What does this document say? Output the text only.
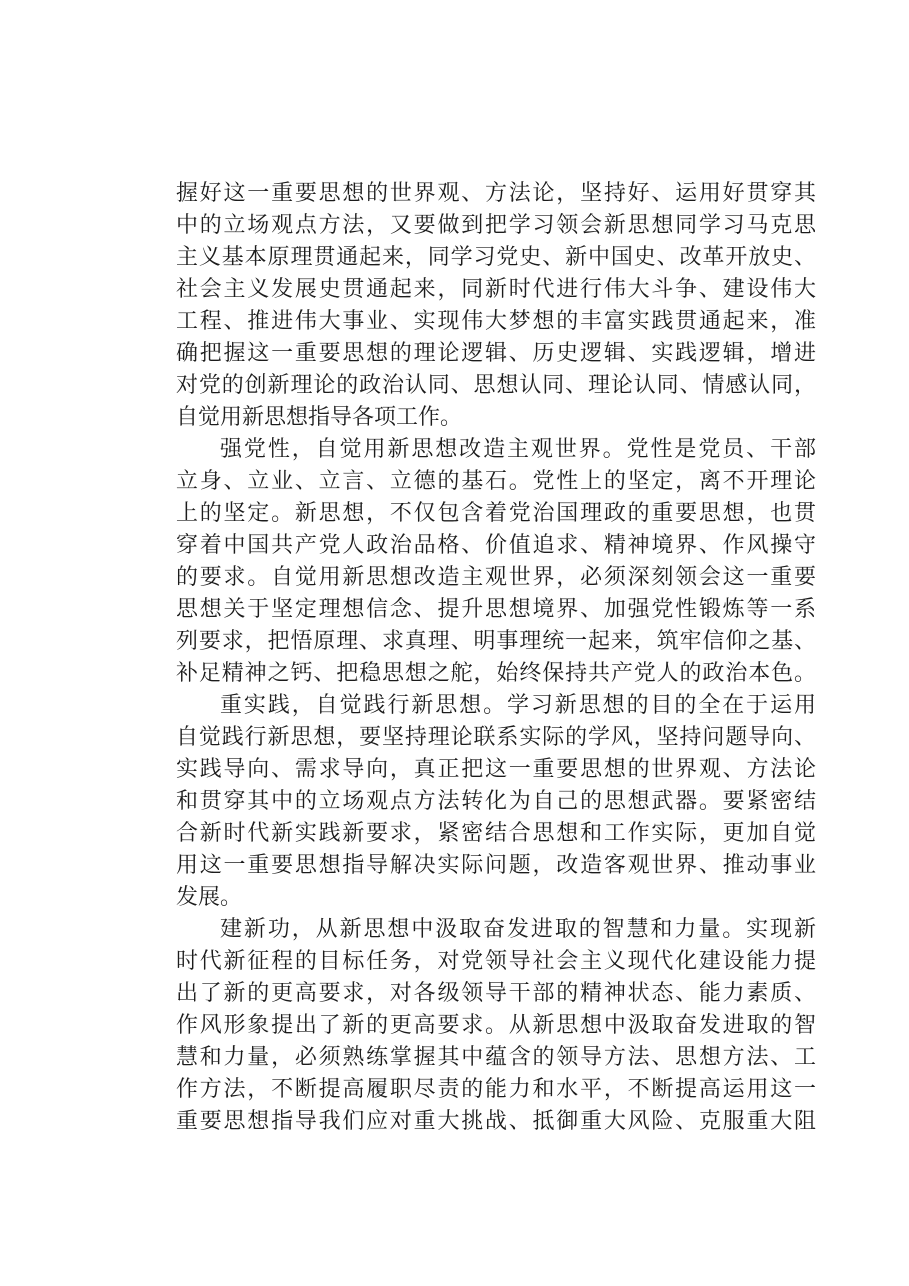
握好这一重要思想的世界观、方法论，坚持好、运用好贯穿其
中的立场观点方法，又要做到把学习领会新思想同学习马克思
主义基本原理贯通起来，同学习党史、新中国史、改革开放史、
社会主义发展史贯通起来，同新时代进行伟大斗争、建设伟大
工程、推进伟大事业、实现伟大梦想的丰富实践贯通起来，准
确把握这一重要思想的理论逻辑、历史逻辑、实践逻辑，增进
对党的创新理论的政治认同、思想认同、理论认同、情感认同，
自觉用新思想指导各项工作。
强党性，自觉用新思想改造主观世界。党性是党员、干部
立身、立业、立言、立德的基石。党性上的坚定，离不开理论
上的坚定。新思想，不仅包含着党治国理政的重要思想，也贯
穿着中国共产党人政治品格、价值追求、精神境界、作风操守
的要求。自觉用新思想改造主观世界，必须深刻领会这一重要
思想关于坚定理想信念、提升思想境界、加强党性锻炼等一系
列要求，把悟原理、求真理、明事理统一起来，筑牢信仰之基、
补足精神之钙、把稳思想之舵，始终保持共产党人的政治本色。
重实践，自觉践行新思想。学习新思想的目的全在于运用
自觉践行新思想，要坚持理论联系实际的学风，坚持问题导向、
实践导向、需求导向，真正把这一重要思想的世界观、方法论
和贯穿其中的立场观点方法转化为自己的思想武器。要紧密结
合新时代新实践新要求，紧密结合思想和工作实际，更加自觉
用这一重要思想指导解决实际问题，改造客观世界、推动事业
发展。
建新功，从新思想中汲取奋发进取的智慧和力量。实现新
时代新征程的目标任务，对党领导社会主义现代化建设能力提
出了新的更高要求，对各级领导干部的精神状态、能力素质、
作风形象提出了新的更高要求。从新思想中汲取奋发进取的智
慧和力量，必须熟练掌握其中蕴含的领导方法、思想方法、工
作方法，不断提高履职尽责的能力和水平，不断提高运用这一
重要思想指导我们应对重大挑战、抵御重大风险、克服重大阻
